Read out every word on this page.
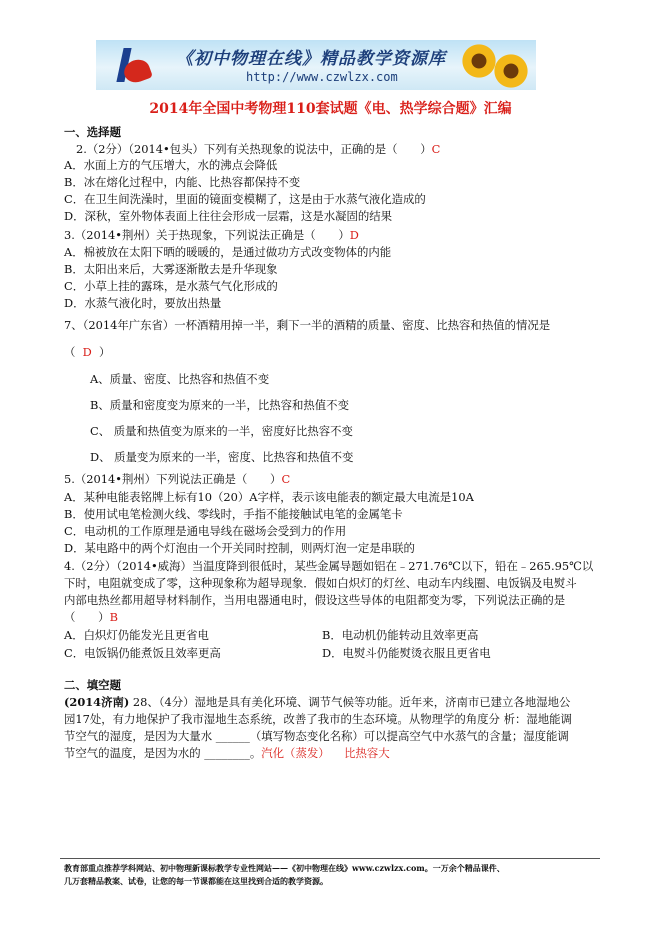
《初中物理在线》精品教学资源库
http://www.czwlzx.com
2014年全国中考物理110套试题《电、热学综合题》汇编
一、选择题
2.（2分）（2014•包头）下列有关热现象的说法中，正确的是（　　）C
A．水面上方的气压增大，水的沸点会降低
B．冰在熔化过程中，内能、比热容都保持不变
C．在卫生间洗澡时，里面的镜面变模糊了，这是由于水蒸气液化造成的
D．深秋，室外物体表面上往往会形成一层霜，这是水凝固的结果
3.（2014•荆州）关于热现象，下列说法正确是（　　）D
A．棉被放在太阳下晒的暖暖的，是通过做功方式改变物体的内能
B．太阳出来后，大雾逐渐散去是升华现象
C．小草上挂的露珠，是水蒸气气化形成的
D．水蒸气液化时，要放出热量
7、（2014年广东省）一杯酒精用掉一半，剩下一半的酒精的质量、密度、比热容和热值的情况是
（ D ）
A、质量、密度、比热容和热值不变
B、质量和密度变为原来的一半，比热容和热值不变
C、 质量和热值变为原来的一半，密度好比热容不变
D、 质量变为原来的一半，密度、比热容和热值不变
5.（2014•荆州）下列说法正确是（　　）C
A．某种电能表铭牌上标有10（20）A字样，表示该电能表的额定最大电流是10A
B．使用试电笔检测火线、零线时，手指不能接触试电笔的金属笔卡
C．电动机的工作原理是通电导线在磁场会受到力的作用
D．某电路中的两个灯泡由一个开关同时控制，则两灯泡一定是串联的
4.（2分）（2014•威海）当温度降到很低时，某些金属导题如铝在﹣271.76℃以下，铅在﹣265.95℃以
下时，电阻就变成了零，这种现象称为超导现象．假如白炽灯的灯丝、电动车内线圈、电饭锅及电熨斗
内部电热丝都用超导材料制作，当用电器通电时，假设这些导体的电阻都变为零，下列说法正确的是
（　　）B
A．白炽灯仍能发光且更省电	B．电动机仍能转动且效率更高
C．电饭锅仍能煮饭且效率更高	D．电熨斗仍能熨烫衣服且更省电
二、填空题
(2014济南) 28、（4分）湿地是具有美化环境、调节气候等功能。近年来，济南市已建立各地湿地公
园17处，有力地保护了我市湿地生态系统，改善了我市的生态环境。从物理学的角度分 析：湿地能调
节空气的湿度，是因为大量水 ______（填写物态变化名称）可以提高空气中水蒸气的含量；湿度能调
节空气的温度，是因为水的 ________。汽化（蒸发） 比热容大
教育部重点推荐学科网站、初中物理新课标教学专业性网站——《初中物理在线》www.czwlzx.com。一万余个精品课件、
几万套精品教案、试卷，让您的每一节课都能在这里找到合适的教学资源。
